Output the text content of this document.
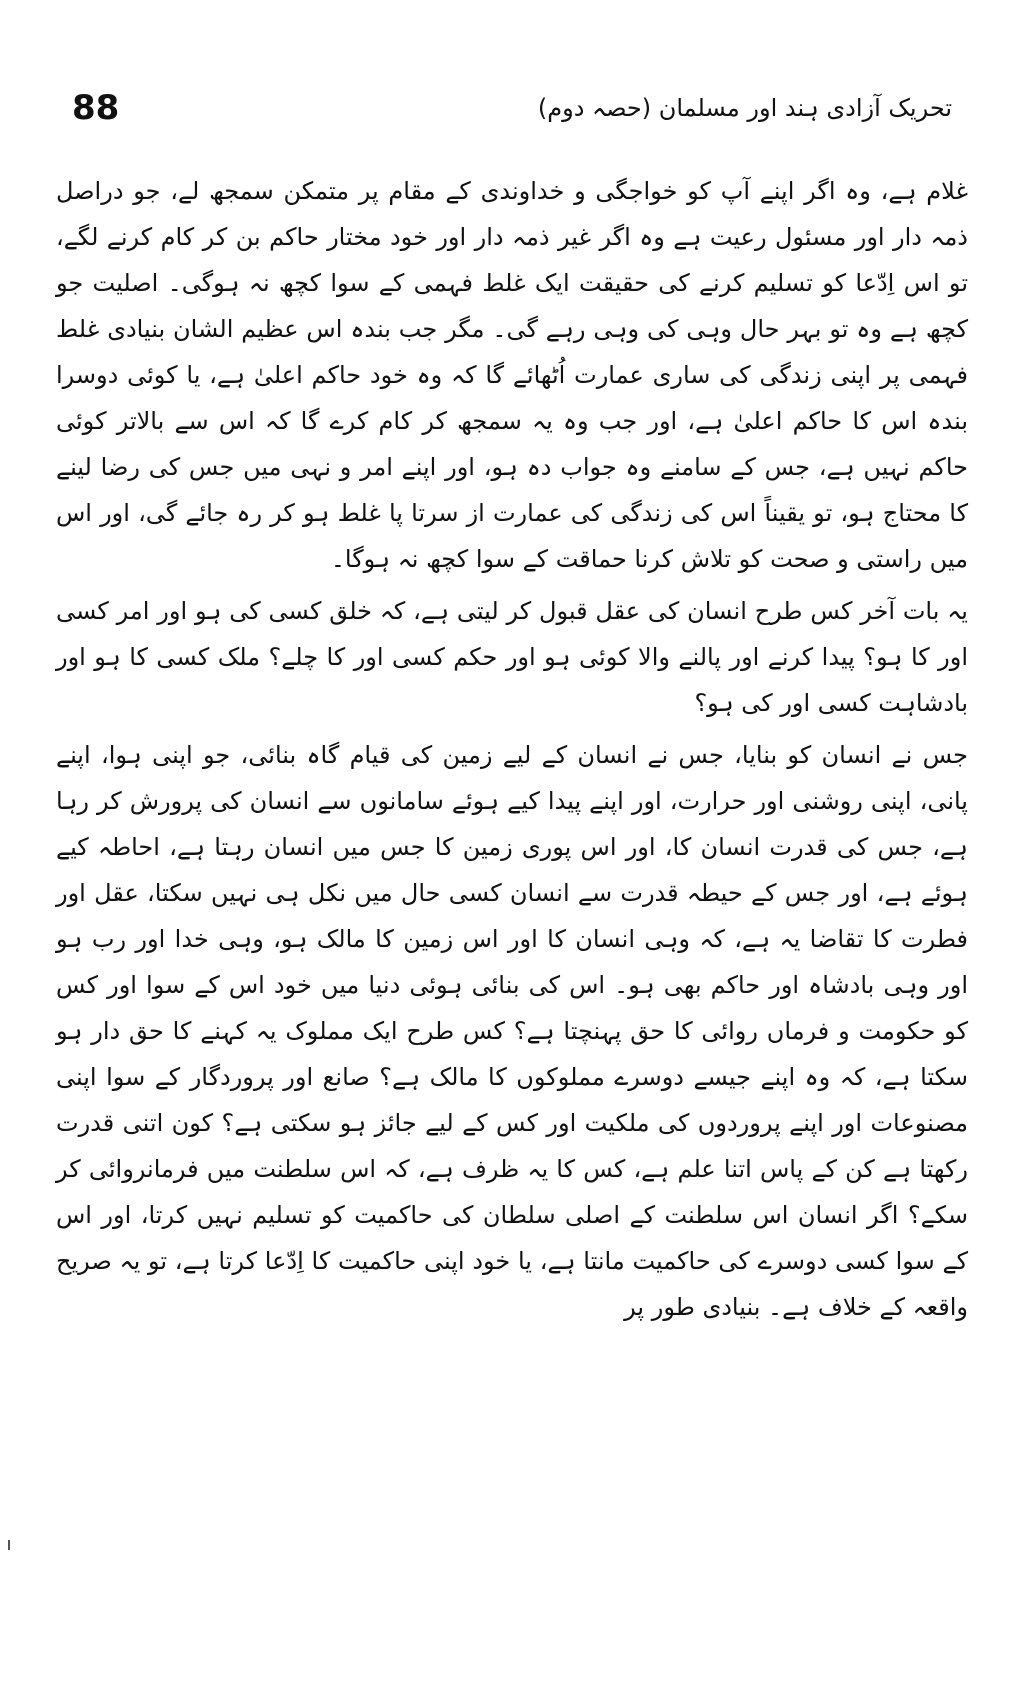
88	تحریک آزادی ہند اور مسلمان (حصہ دوم)

غلام ہے، وہ اگر اپنے آپ کو خواجگی و خداوندی کے مقام پر متمکن سمجھ لے، جو دراصل ذمہ دار اور مسئول رعیت ہے وہ اگر غیر ذمہ دار اور خود مختار حاکم بن کر کام کرنے لگے، تو اس اِدّعا کو تسلیم کرنے کی حقیقت ایک غلط فہمی کے سوا کچھ نہ ہوگی۔ اصلیت جو کچھ ہے وہ تو بہر حال وہی کی وہی رہے گی۔ مگر جب بندہ اس عظیم الشان بنیادی غلط فہمی پر اپنی زندگی کی ساری عمارت اُٹھائے گا کہ وہ خود حاکم اعلیٰ ہے، یا کوئی دوسرا بندہ اس کا حاکم اعلیٰ ہے، اور جب وہ یہ سمجھ کر کام کرے گا کہ اس سے بالاتر کوئی حاکم نہیں ہے، جس کے سامنے وہ جواب دہ ہو، اور اپنے امر و نہی میں جس کی رضا لینے کا محتاج ہو، تو یقیناً اس کی زندگی کی عمارت از سرتا پا غلط ہو کر رہ جائے گی، اور اس میں راستی و صحت کو تلاش کرنا حماقت کے سوا کچھ نہ ہوگا۔

یہ بات آخر کس طرح انسان کی عقل قبول کر لیتی ہے، کہ خلق کسی کی ہو اور امر کسی اور کا ہو؟ پیدا کرنے اور پالنے والا کوئی ہو اور حکم کسی اور کا چلے؟ ملک کسی کا ہو اور بادشاہت کسی اور کی ہو؟

جس نے انسان کو بنایا، جس نے انسان کے لیے زمین کی قیام گاہ بنائی، جو اپنی ہوا، اپنے پانی، اپنی روشنی اور حرارت، اور اپنے پیدا کیے ہوئے سامانوں سے انسان کی پرورش کر رہا ہے، جس کی قدرت انسان کا، اور اس پوری زمین کا جس میں انسان رہتا ہے، احاطہ کیے ہوئے ہے، اور جس کے حیطہ قدرت سے انسان کسی حال میں نکل ہی نہیں سکتا، عقل اور فطرت کا تقاضا یہ ہے، کہ وہی انسان کا اور اس زمین کا مالک ہو، وہی خدا اور رب ہو اور وہی بادشاہ اور حاکم بھی ہو۔ اس کی بنائی ہوئی دنیا میں خود اس کے سوا اور کس کو حکومت و فرماں روائی کا حق پہنچتا ہے؟ کس طرح ایک مملوک یہ کہنے کا حق دار ہو سکتا ہے، کہ وہ اپنے جیسے دوسرے مملوکوں کا مالک ہے؟ صانع اور پروردگار کے سوا اپنی مصنوعات اور اپنے پروردوں کی ملکیت اور کس کے لیے جائز ہو سکتی ہے؟ کون اتنی قدرت رکھتا ہے کن کے پاس اتنا علم ہے، کس کا یہ ظرف ہے، کہ اس سلطنت میں فرمانروائی کر سکے؟ اگر انسان اس سلطنت کے اصلی سلطان کی حاکمیت کو تسلیم نہیں کرتا، اور اس کے سوا کسی دوسرے کی حاکمیت مانتا ہے، یا خود اپنی حاکمیت کا اِدّعا کرتا ہے، تو یہ صریح واقعہ کے خلاف ہے۔ بنیادی طور پر
